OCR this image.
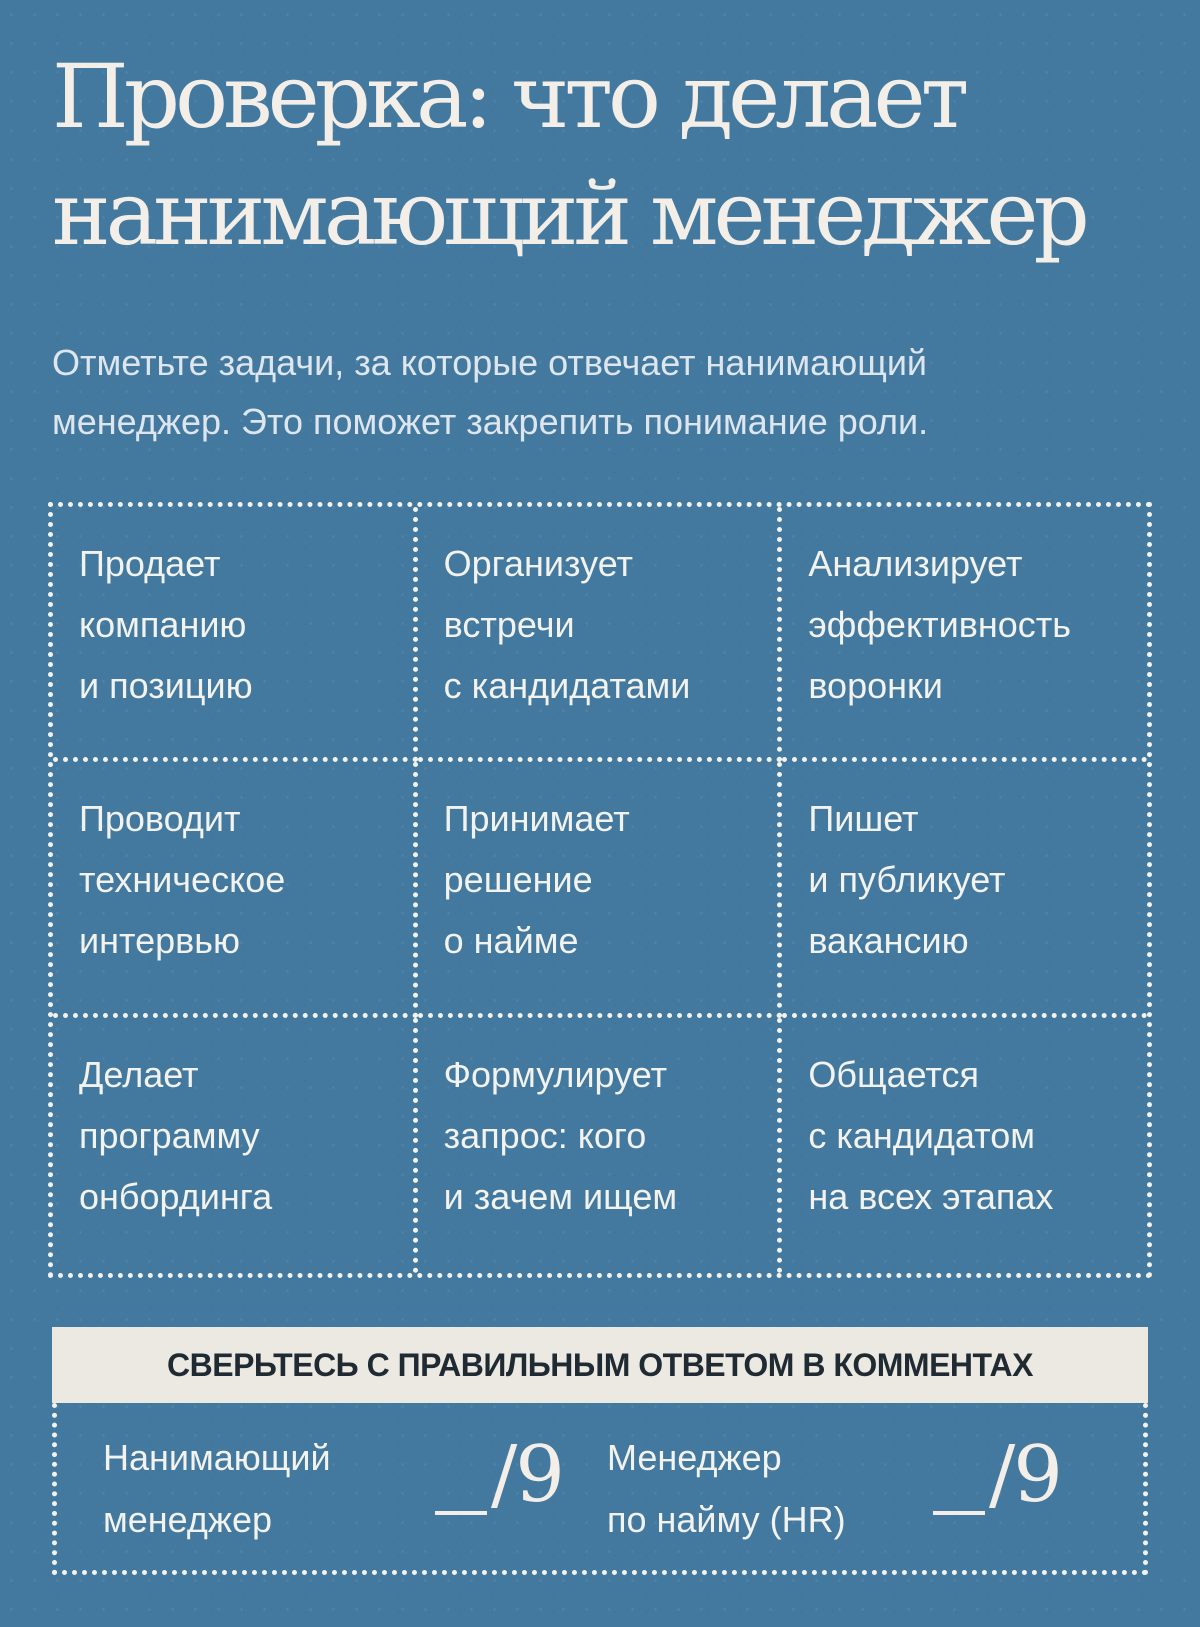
Проверка: что делает
нанимающий менеджер

Отметьте задачи, за которые отвечает нанимающий
менеджер. Это поможет закрепить понимание роли.

Продает
компанию
и позицию
Организует
встречи
с кандидатами
Анализирует
эффективность
воронки
Проводит
техническое
интервью
Принимает
решение
о найме
Пишет
и публикует
вакансию
Делает
программу
онбординга
Формулирует
запрос: кого
и зачем ищем
Общается
с кандидатом
на всех этапах
СВЕРЬТЕСЬ С ПРАВИЛЬНЫМ ОТВЕТОМ В КОММЕНТАХ
Нанимающий
менеджер	/9 Менеджер
по найму (HR)	/9
